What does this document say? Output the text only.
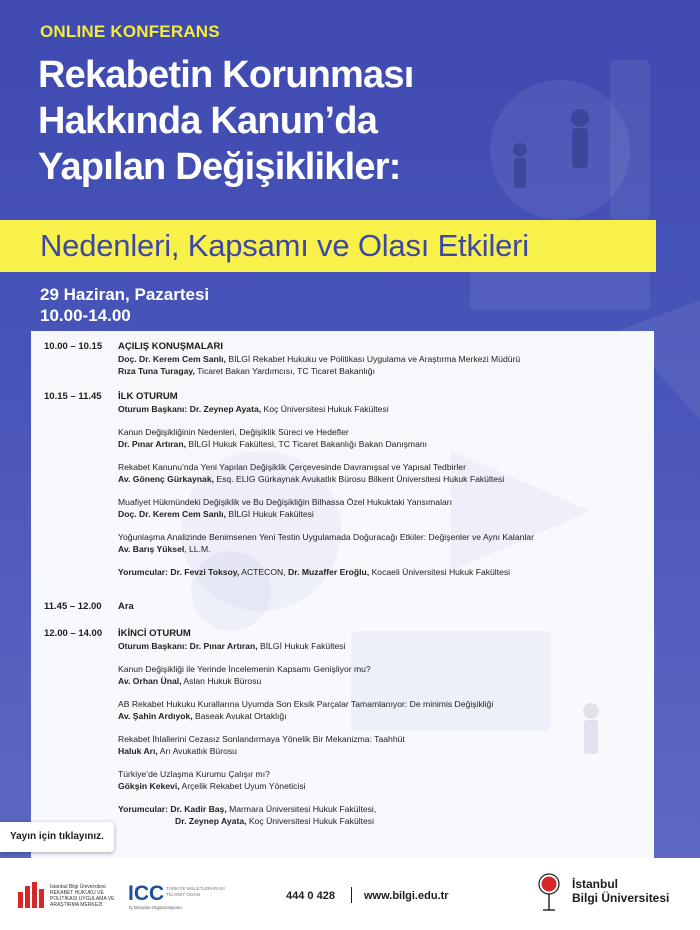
ONLINE KONFERANS
Rekabetin Korunması
Hakkında Kanun’da
Yapılan Değişiklikler:
Nedenleri, Kapsamı ve Olası Etkileri
29 Haziran, Pazartesi
10.00-14.00
10.00 – 10.15 AÇILIŞ KONUŞMALARI
Doç. Dr. Kerem Cem Sanlı, BİLGİ Rekabet Hukuku ve Politikası Uygulama ve Araştırma Merkezi Müdürü
Rıza Tuna Turagay, Ticaret Bakan Yardımcısı, TC Ticaret Bakanlığı
10.15 – 11.45 İLK OTURUM
Oturum Başkanı: Dr. Zeynep Ayata, Koç Üniversitesi Hukuk Fakültesi
Kanun Değişikliğinin Nedenleri, Değişiklik Süreci ve Hedefler
Dr. Pınar Artıran, BİLGİ Hukuk Fakültesi, TC Ticaret Bakanlığı Bakan Danışmanı
Rekabet Kanunu’nda Yeni Yapılan Değişiklik Çerçevesinde Davranışsal ve Yapısal Tedbirler
Av. Gönenç Gürkaynak, Esq. ELIG Gürkaynak Avukatlık Bürosu Bilkent Üniversitesi Hukuk Fakültesi
Muafiyet Hükmündeki Değişiklik ve Bu Değişikliğin Bilhassa Özel Hukuktaki Yansımaları
Doç. Dr. Kerem Cem Sanlı, BİLGİ Hukuk Fakültesi
Yoğunlaşma Analizinde Benimsenen Yeni Testin Uygulamada Doğuracağı Etkiler: Değişenler ve Aynı Kalanlar
Av. Barış Yüksel, LL.M.
Yorumcular: Dr. Fevzi Toksoy, ACTECON, Dr. Muzaffer Eroğlu, Kocaeli Üniversitesi Hukuk Fakültesi
11.45 – 12.00 Ara
12.00 – 14.00 İKİNCİ OTURUM
Oturum Başkanı: Dr. Pınar Artıran, BİLGİ Hukuk Fakültesi
Kanun Değişikliği ile Yerinde İncelemenin Kapsamı Genişliyor mu?
Av. Orhan Ünal, Aslan Hukuk Bürosu
AB Rekabet Hukuku Kurallarına Uyumda Son Eksik Parçalar Tamamlanıyor: De minimis Değişikliği
Av. Şahin Ardıyok, Baseak Avukat Ortaklığı
Rekabet İhlallerini Cezasız Sonlandırmaya Yönelik Bir Mekanizma: Taahhüt
Haluk Arı, Arı Avukatlık Bürosu
Türkiye’de Uzlaşma Kurumu Çalışır mı?
Gökşin Kekevi, Arçelik Rekabet Uyum Yöneticisi
Yorumcular: Dr. Kadir Baş, Marmara Üniversitesi Hukuk Fakültesi,
Dr. Zeynep Ayata, Koç Üniversitesi Hukuk Fakültesi
Yayın için tıklayınız.
İstanbul Bilgi Üniversitesi REKABET HUKUKU VE POLİTİKASI UYGULAMA VE ARAŞTIRMA MERKEZİ	ICC TÜRKİYE MİLLETLERARASI TİCARET ODASI
İş Dünyası Organizasyonu
444 0 428	www.bilgi.edu.tr
İstanbul
Bilgi Üniversitesi
